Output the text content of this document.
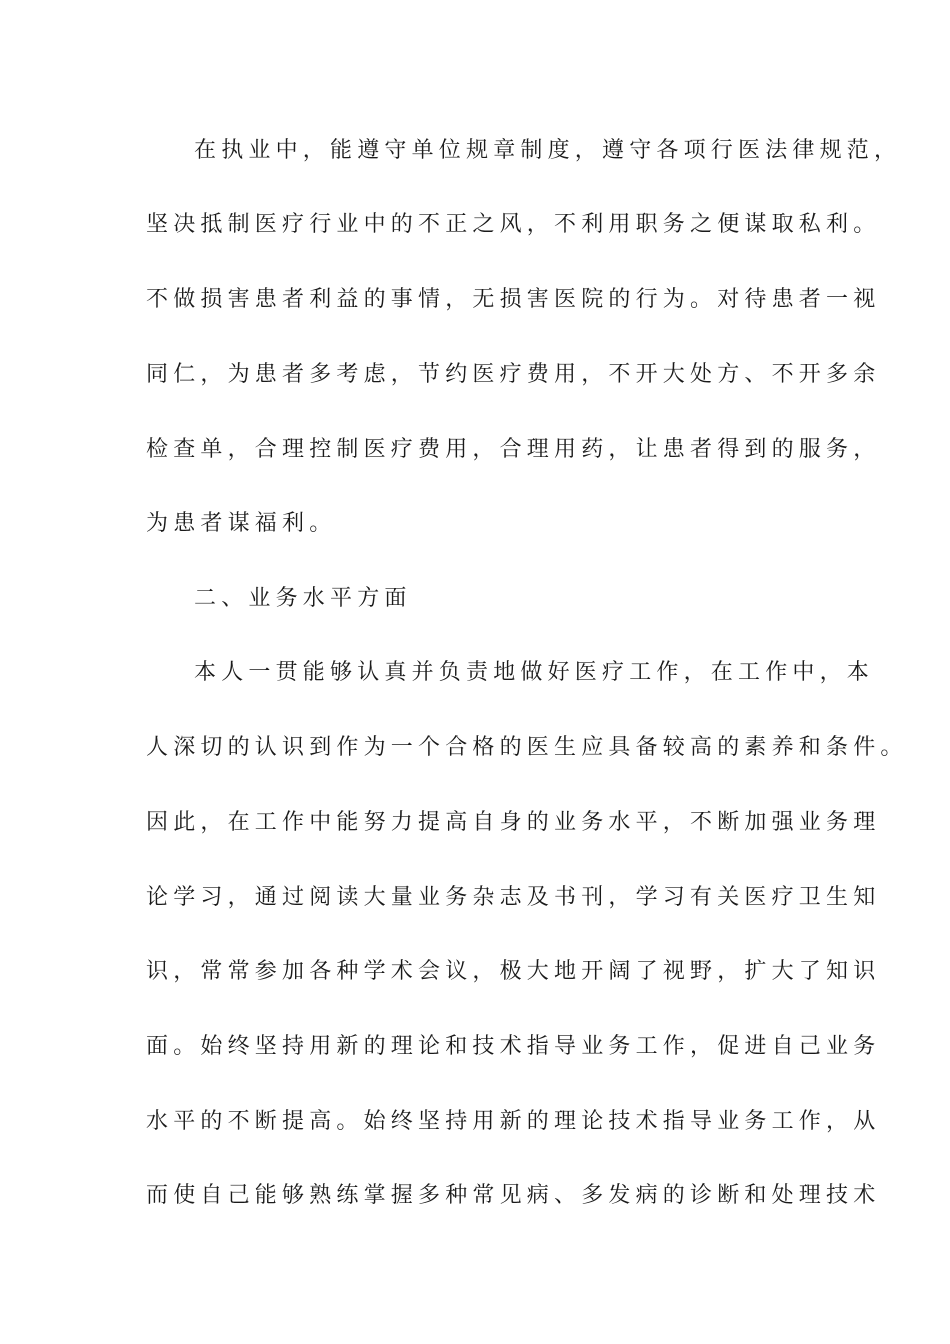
在执业中，能遵守单位规章制度，遵守各项行医法律规范，
坚决抵制医疗行业中的不正之风，不利用职务之便谋取私利。
不做损害患者利益的事情，无损害医院的行为。对待患者一视
同仁，为患者多考虑，节约医疗费用，不开大处方、不开多余
检查单，合理控制医疗费用，合理用药，让患者得到的服务，
为患者谋福利。
二、业务水平方面
本人一贯能够认真并负责地做好医疗工作，在工作中，本
人深切的认识到作为一个合格的医生应具备较高的素养和条件。
因此，在工作中能努力提高自身的业务水平，不断加强业务理
论学习，通过阅读大量业务杂志及书刊，学习有关医疗卫生知
识，常常参加各种学术会议，极大地开阔了视野，扩大了知识
面。始终坚持用新的理论和技术指导业务工作，促进自己业务
水平的不断提高。始终坚持用新的理论技术指导业务工作，从
而使自己能够熟练掌握多种常见病、多发病的诊断和处理技术
